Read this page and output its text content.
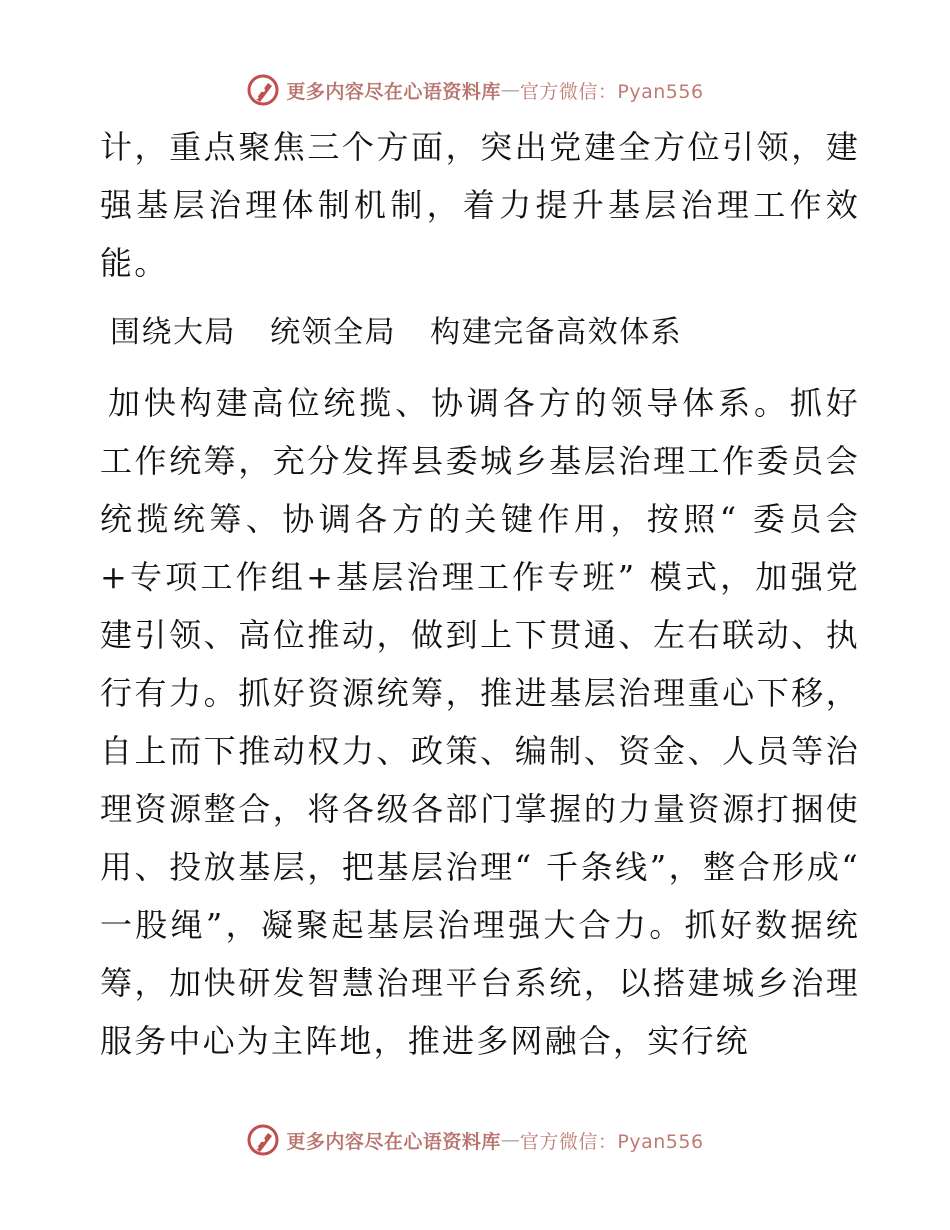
更多内容尽在心语资料库 — 官方微信：Pyan556

计，重点聚焦三个方面，突出党建全方位引领，建强基层治理体制机制，着力提升基层治理工作效能。

围绕大局  统领全局  构建完备高效体系

加快构建高位统揽、协调各方的领导体系。抓好工作统筹，充分发挥县委城乡基层治理工作委员会统揽统筹、协调各方的关键作用，按照“ 委员会+专项工作组+基层治理工作专班” 模式，加强党建引领、高位推动，做到上下贯通、左右联动、执行有力。抓好资源统筹，推进基层治理重心下移，自上而下推动权力、政策、编制、资金、人员等治理资源整合，将各级各部门掌握的力量资源打捆使用、投放基层，把基层治理“ 千条线”，整合形成“ 一股绳”，凝聚起基层治理强大合力。抓好数据统筹，加快研发智慧治理平台系统，以搭建城乡治理服务中心为主阵地，推进多网融合，实行统

更多内容尽在心语资料库 — 官方微信：Pyan556
